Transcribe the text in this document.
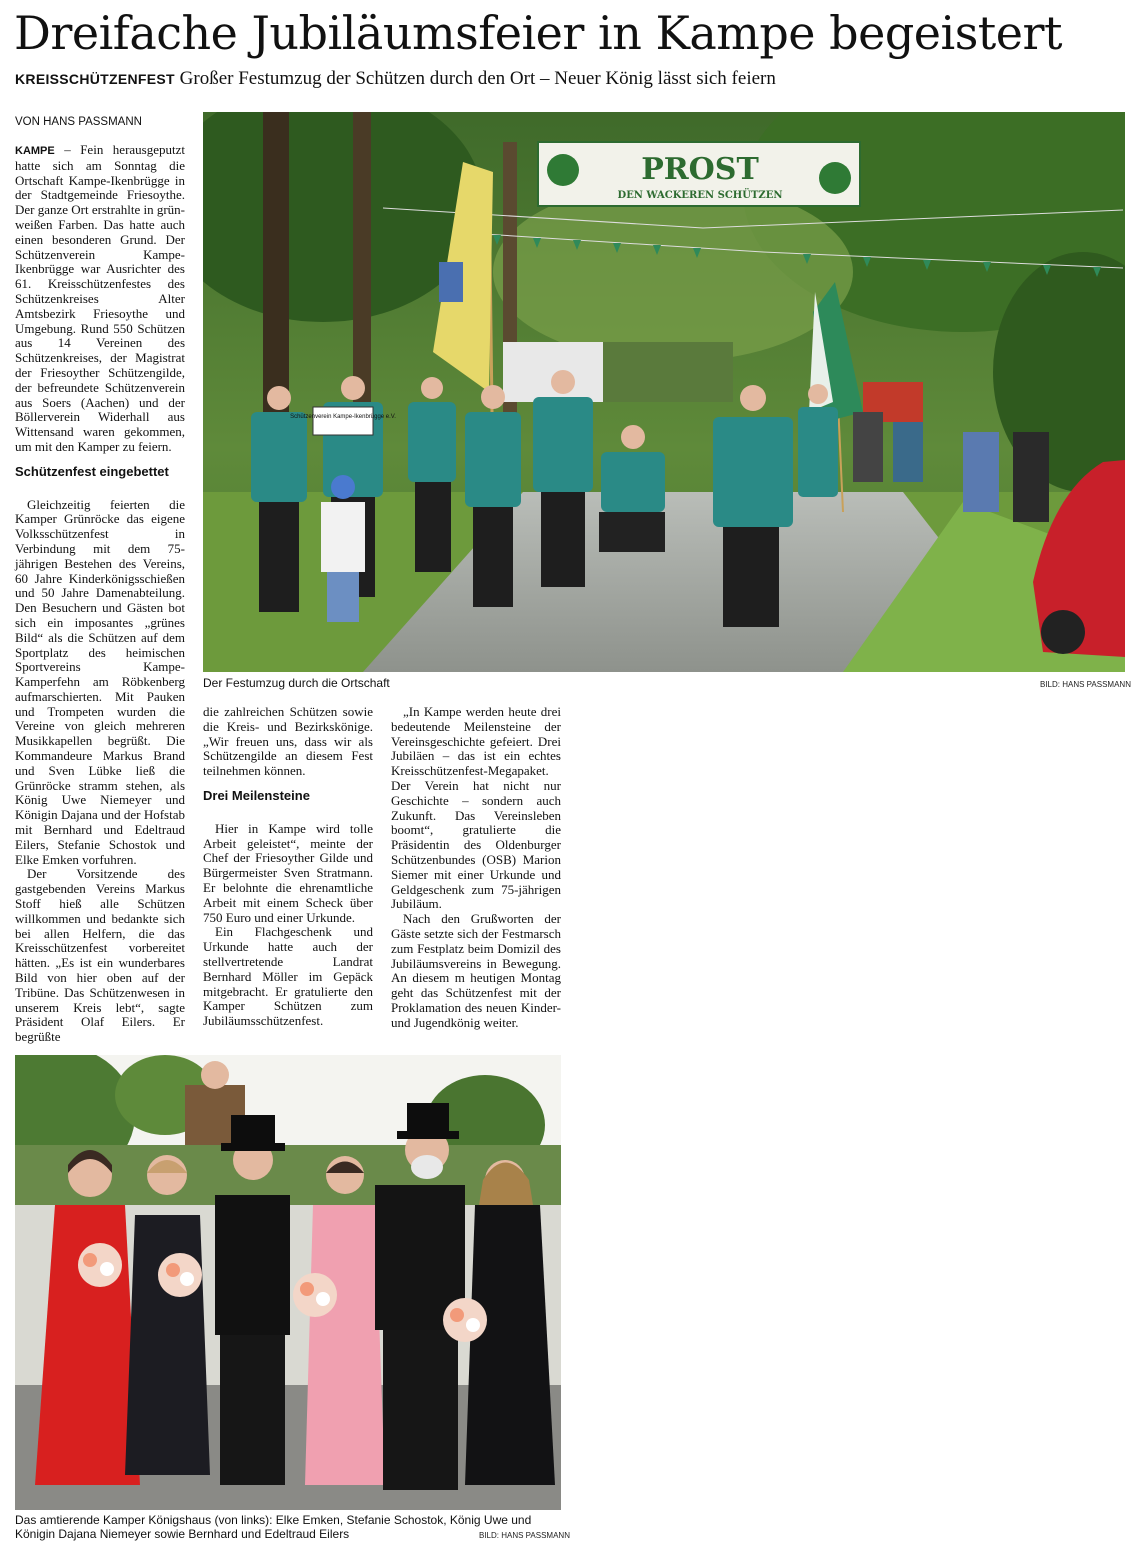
Dreifache Jubiläumsfeier in Kampe begeistert
KREISSCHÜTZENFEST Großer Festumzug der Schützen durch den Ort – Neuer König lässt sich feiern
VON HANS PASSMANN

KAMPE – Fein herausgeputzt hatte sich am Sonntag die Ortschaft Kampe-Ikenbrügge in der Stadtgemeinde Friesoythe. Der ganze Ort erstrahlte in grün-weißen Farben. Das hatte auch einen besonderen Grund. Der Schützenverein Kampe-Ikenbrügge war Ausrichter des 61. Kreisschützenfestes des Schützenkreises Alter Amtsbezirk Friesoythe und Umgebung. Rund 550 Schützen aus 14 Vereinen des Schützenkreises, der Magistrat der Friesoyther Schützengilde, der befreundete Schützenverein aus Soers (Aachen) und der Böllerverein Widerhall aus Wittensand waren gekommen, um mit den Kamper zu feiern.

Schützenfest eingebettet

Gleichzeitig feierten die Kamper Grünröcke das eigene Volksschützenfest in Verbindung mit dem 75-jährigen Bestehen des Vereins, 60 Jahre Kinderkönigsschießen und 50 Jahre Damenabteilung. Den Besuchern und Gästen bot sich ein imposantes „grünes Bild“ als die Schützen auf dem Sportplatz des heimischen Sportvereins Kampe-Kamperfehn am Röbkenberg aufmarschierten. Mit Pauken und Trompeten wurden die Vereine von gleich mehreren Musikkapellen begrüßt. Die Kommandeure Markus Brand und Sven Lübke ließ die Grünröcke stramm stehen, als König Uwe Niemeyer und Königin Dajana und der Hofstab mit Bernhard und Edeltraud Eilers, Stefanie Schostok und Elke Emken vorfuhren.

Der Vorsitzende des gastgebenden Vereins Markus Stoff hieß alle Schützen willkommen und bedankte sich bei allen Helfern, die das Kreisschützenfest vorbereitet hätten. „Es ist ein wunderbares Bild von hier oben auf der Tribüne. Das Schützenwesen in unserem Kreis lebt“, sagte Präsident Olaf Eilers. Er begrüßte

PROST
DEN WACKEREN SCHÜTZEN
Schützenverein Kampe-Ikenbrügge e.V.
Der Festumzug durch die Ortschaft	BILD: HANS PASSMANN

die zahlreichen Schützen sowie die Kreis- und Bezirkskönige. „Wir freuen uns, dass wir als Schützengilde an diesem Fest teilnehmen können.

Drei Meilensteine

Hier in Kampe wird tolle Arbeit geleistet“, meinte der Chef der Friesoyther Gilde und Bürgermeister Sven Stratmann. Er belohnte die ehrenamtliche Arbeit mit einem Scheck über 750 Euro und einer Urkunde.

Ein Flachgeschenk und Urkunde hatte auch der stellvertretende Landrat Bernhard Möller im Gepäck mitgebracht. Er gratulierte den Kamper Schützen zum Jubiläumsschützenfest.

„In Kampe werden heute drei bedeutende Meilensteine der Vereinsgeschichte gefeiert. Drei Jubiläen – das ist ein echtes Kreisschützenfest-Megapaket. Der Verein hat nicht nur Geschichte – sondern auch Zukunft. Das Vereinsleben boomt“, gratulierte die Präsidentin des Oldenburger Schützenbundes (OSB) Marion Siemer mit einer Urkunde und Geldgeschenk zum 75-jährigen Jubiläum.

Nach den Grußworten der Gäste setzte sich der Festmarsch zum Festplatz beim Domizil des Jubiläumsvereins in Bewegung. An diesem m heutigen Montag geht das Schützenfest mit der Proklamation des neuen Kinder- und Jugendkönig weiter.

Das amtierende Kamper Königshaus (von links): Elke Emken, Stefanie Schostok, König Uwe und Königin Dajana Niemeyer sowie Bernhard und Edeltraud Eilers	BILD: HANS PASSMANN
